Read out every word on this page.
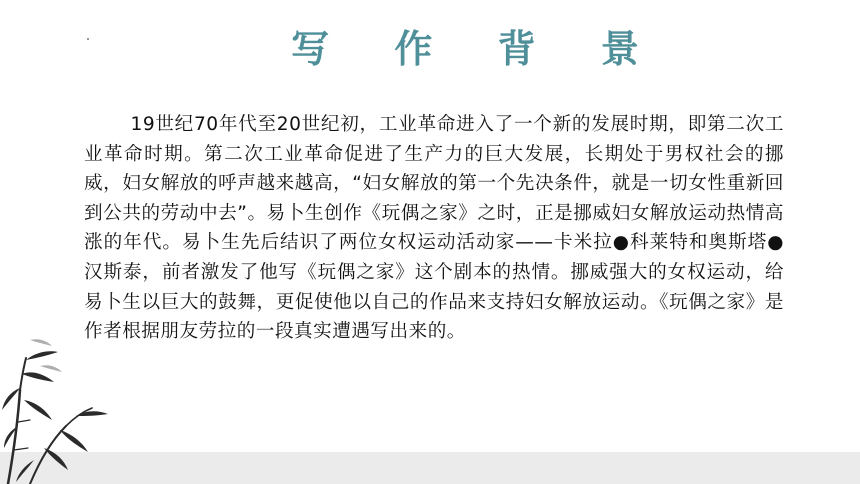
写 作 背 景
19世纪70年代至20世纪初，工业革命进入了一个新的发展时期，即第二次工业革命时期。第二次工业革命促进了生产力的巨大发展，长期处于男权社会的挪威，妇女解放的呼声越来越高，“妇女解放的第一个先决条件，就是一切女性重新回到公共的劳动中去”。易卜生创作《玩偶之家》之时，正是挪威妇女解放运动热情高涨的年代。易卜生先后结识了两位女权运动活动家——卡米拉●科莱特和奥斯塔●汉斯泰，前者激发了他写《玩偶之家》这个剧本的热情。挪威强大的女权运动，给易卜生以巨大的鼓舞，更促使他以自己的作品来支持妇女解放运动。《玩偶之家》是作者根据朋友劳拉的一段真实遭遇写出来的。
